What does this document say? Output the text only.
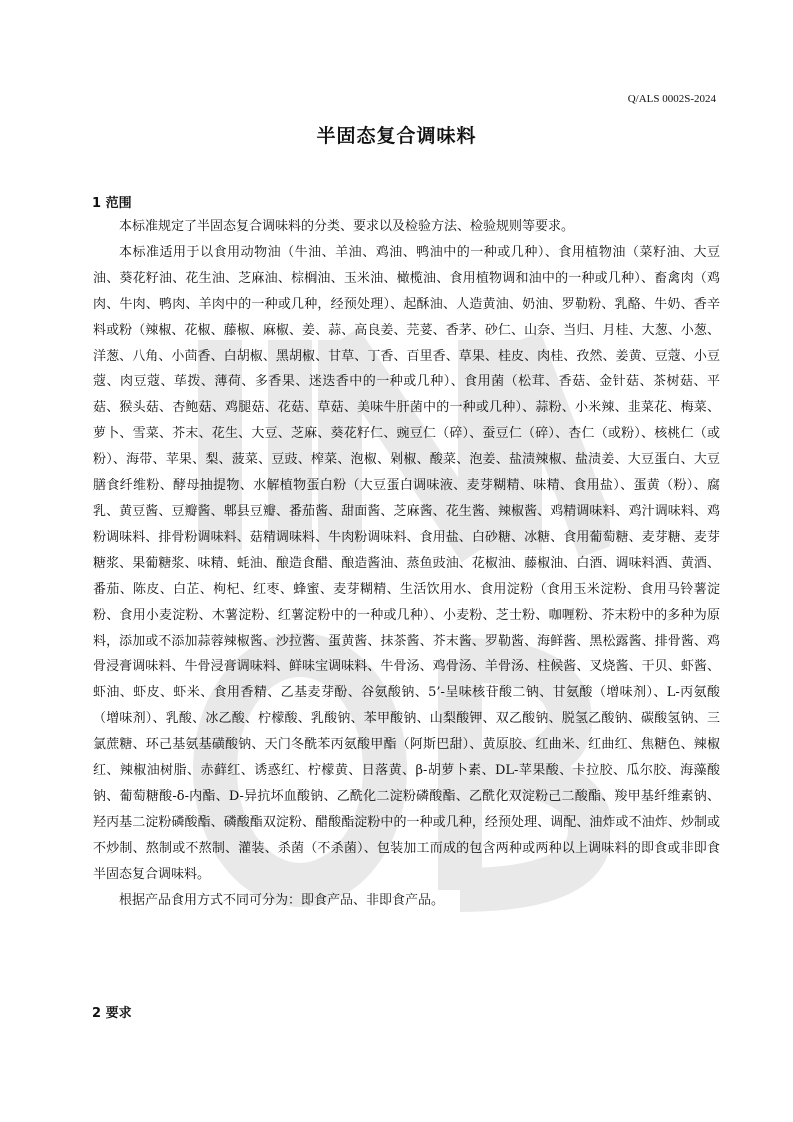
Q/ALS 0002S-2024
半固态复合调味料
1 范围

本标准规定了半固态复合调味料的分类、要求以及检验方法、检验规则等要求。

本标准适用于以食用动物油（牛油、羊油、鸡油、鸭油中的一种或几种）、食用植物油（菜籽油、大豆油、葵花籽油、花生油、芝麻油、棕榈油、玉米油、橄榄油、食用植物调和油中的一种或几种）、畜禽肉（鸡肉、牛肉、鸭肉、羊肉中的一种或几种，经预处理）、起酥油、人造黄油、奶油、罗勒粉、乳酪、牛奶、香辛料或粉（辣椒、花椒、藤椒、麻椒、姜、蒜、高良姜、芫荽、香茅、砂仁、山奈、当归、月桂、大葱、小葱、洋葱、八角、小茴香、白胡椒、黑胡椒、甘草、丁香、百里香、草果、桂皮、肉桂、孜然、姜黄、豆蔻、小豆蔻、肉豆蔻、荜拨、薄荷、多香果、迷迭香中的一种或几种）、食用菌（松茸、香菇、金针菇、茶树菇、平菇、猴头菇、杏鲍菇、鸡腿菇、花菇、草菇、美味牛肝菌中的一种或几种）、蒜粉、小米辣、韭菜花、梅菜、萝卜、雪菜、芥末、花生、大豆、芝麻、葵花籽仁、豌豆仁（碎）、蚕豆仁（碎）、杏仁（或粉）、核桃仁（或粉）、海带、苹果、梨、菠菜、豆豉、榨菜、泡椒、剁椒、酸菜、泡姜、盐渍辣椒、盐渍姜、大豆蛋白、大豆膳食纤维粉、酵母抽提物、水解植物蛋白粉（大豆蛋白调味液、麦芽糊精、味精、食用盐）、蛋黄（粉）、腐乳、黄豆酱、豆瓣酱、郫县豆瓣、番茄酱、甜面酱、芝麻酱、花生酱、辣椒酱、鸡精调味料、鸡汁调味料、鸡粉调味料、排骨粉调味料、菇精调味料、牛肉粉调味料、食用盐、白砂糖、冰糖、食用葡萄糖、麦芽糖、麦芽糖浆、果葡糖浆、味精、蚝油、酿造食醋、酿造酱油、蒸鱼豉油、花椒油、藤椒油、白酒、调味料酒、黄酒、番茄、陈皮、白芷、枸杞、红枣、蜂蜜、麦芽糊精、生活饮用水、食用淀粉（食用玉米淀粉、食用马铃薯淀粉、食用小麦淀粉、木薯淀粉、红薯淀粉中的一种或几种）、小麦粉、芝士粉、咖喱粉、芥末粉中的多种为原料，添加或不添加蒜蓉辣椒酱、沙拉酱、蛋黄酱、抹茶酱、芥末酱、罗勒酱、海鲜酱、黑松露酱、排骨酱、鸡骨浸膏调味料、牛骨浸膏调味料、鲜味宝调味料、牛骨汤、鸡骨汤、羊骨汤、柱候酱、叉烧酱、干贝、虾酱、虾油、虾皮、虾米、食用香精、乙基麦芽酚、谷氨酸钠、5’-呈味核苷酸二钠、甘氨酸（增味剂）、L-丙氨酸（增味剂）、乳酸、冰乙酸、柠檬酸、乳酸钠、苯甲酸钠、山梨酸钾、双乙酸钠、脱氢乙酸钠、碳酸氢钠、三氯蔗糖、环己基氨基磺酸钠、天门冬酰苯丙氨酸甲酯（阿斯巴甜）、黄原胶、红曲米、红曲红、焦糖色、辣椒红、辣椒油树脂、赤藓红、诱惑红、柠檬黄、日落黄、β-胡萝卜素、DL-苹果酸、卡拉胶、瓜尔胶、海藻酸钠、葡萄糖酸-δ-内酯、D-异抗坏血酸钠、乙酰化二淀粉磷酸酯、乙酰化双淀粉己二酸酯、羧甲基纤维素钠、羟丙基二淀粉磷酸酯、磷酸酯双淀粉、醋酸酯淀粉中的一种或几种，经预处理、调配、油炸或不油炸、炒制或不炒制、熬制或不熬制、灌装、杀菌（不杀菌）、包装加工而成的包含两种或两种以上调味料的即食或非即食半固态复合调味料。

根据产品食用方式不同可分为：即食产品、非即食产品。

2 要求
